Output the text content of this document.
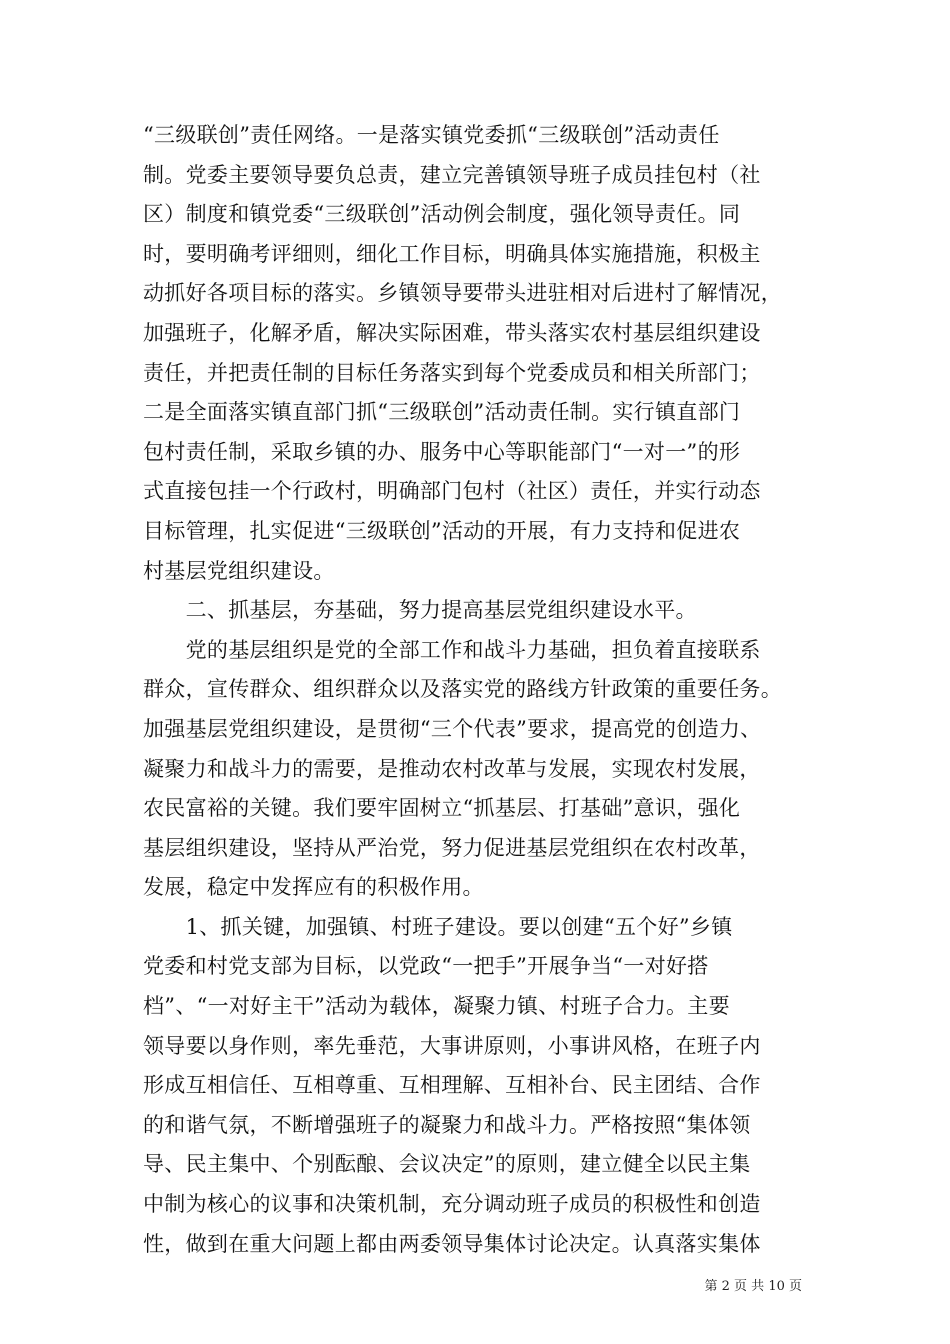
“三级联创”责任网络。一是落实镇党委抓“三级联创”活动责任
制。党委主要领导要负总责，建立完善镇领导班子成员挂包村（社
区）制度和镇党委“三级联创”活动例会制度，强化领导责任。同
时，要明确考评细则，细化工作目标，明确具体实施措施，积极主
动抓好各项目标的落实。乡镇领导要带头进驻相对后进村了解情况，
加强班子，化解矛盾，解决实际困难，带头落实农村基层组织建设
责任，并把责任制的目标任务落实到每个党委成员和相关所部门；
二是全面落实镇直部门抓“三级联创”活动责任制。实行镇直部门
包村责任制，采取乡镇的办、服务中心等职能部门“一对一”的形
式直接包挂一个行政村，明确部门包村（社区）责任，并实行动态
目标管理，扎实促进“三级联创”活动的开展，有力支持和促进农
村基层党组织建设。
　　二、抓基层，夯基础，努力提高基层党组织建设水平。
　　党的基层组织是党的全部工作和战斗力基础，担负着直接联系
群众，宣传群众、组织群众以及落实党的路线方针政策的重要任务。
加强基层党组织建设，是贯彻“三个代表”要求，提高党的创造力、
凝聚力和战斗力的需要，是推动农村改革与发展，实现农村发展，
农民富裕的关键。我们要牢固树立“抓基层、打基础”意识，强化
基层组织建设，坚持从严治党，努力促进基层党组织在农村改革，
发展，稳定中发挥应有的积极作用。
　　1、抓关键，加强镇、村班子建设。要以创建“五个好”乡镇
党委和村党支部为目标，以党政“一把手”开展争当“一对好搭
档”、“一对好主干”活动为载体，凝聚力镇、村班子合力。主要
领导要以身作则，率先垂范，大事讲原则，小事讲风格，在班子内
形成互相信任、互相尊重、互相理解、互相补台、民主团结、合作
的和谐气氛，不断增强班子的凝聚力和战斗力。严格按照“集体领
导、民主集中、个别酝酿、会议决定”的原则，建立健全以民主集
中制为核心的议事和决策机制，充分调动班子成员的积极性和创造
性，做到在重大问题上都由两委领导集体讨论决定。认真落实集体
第 2 页 共 10 页
